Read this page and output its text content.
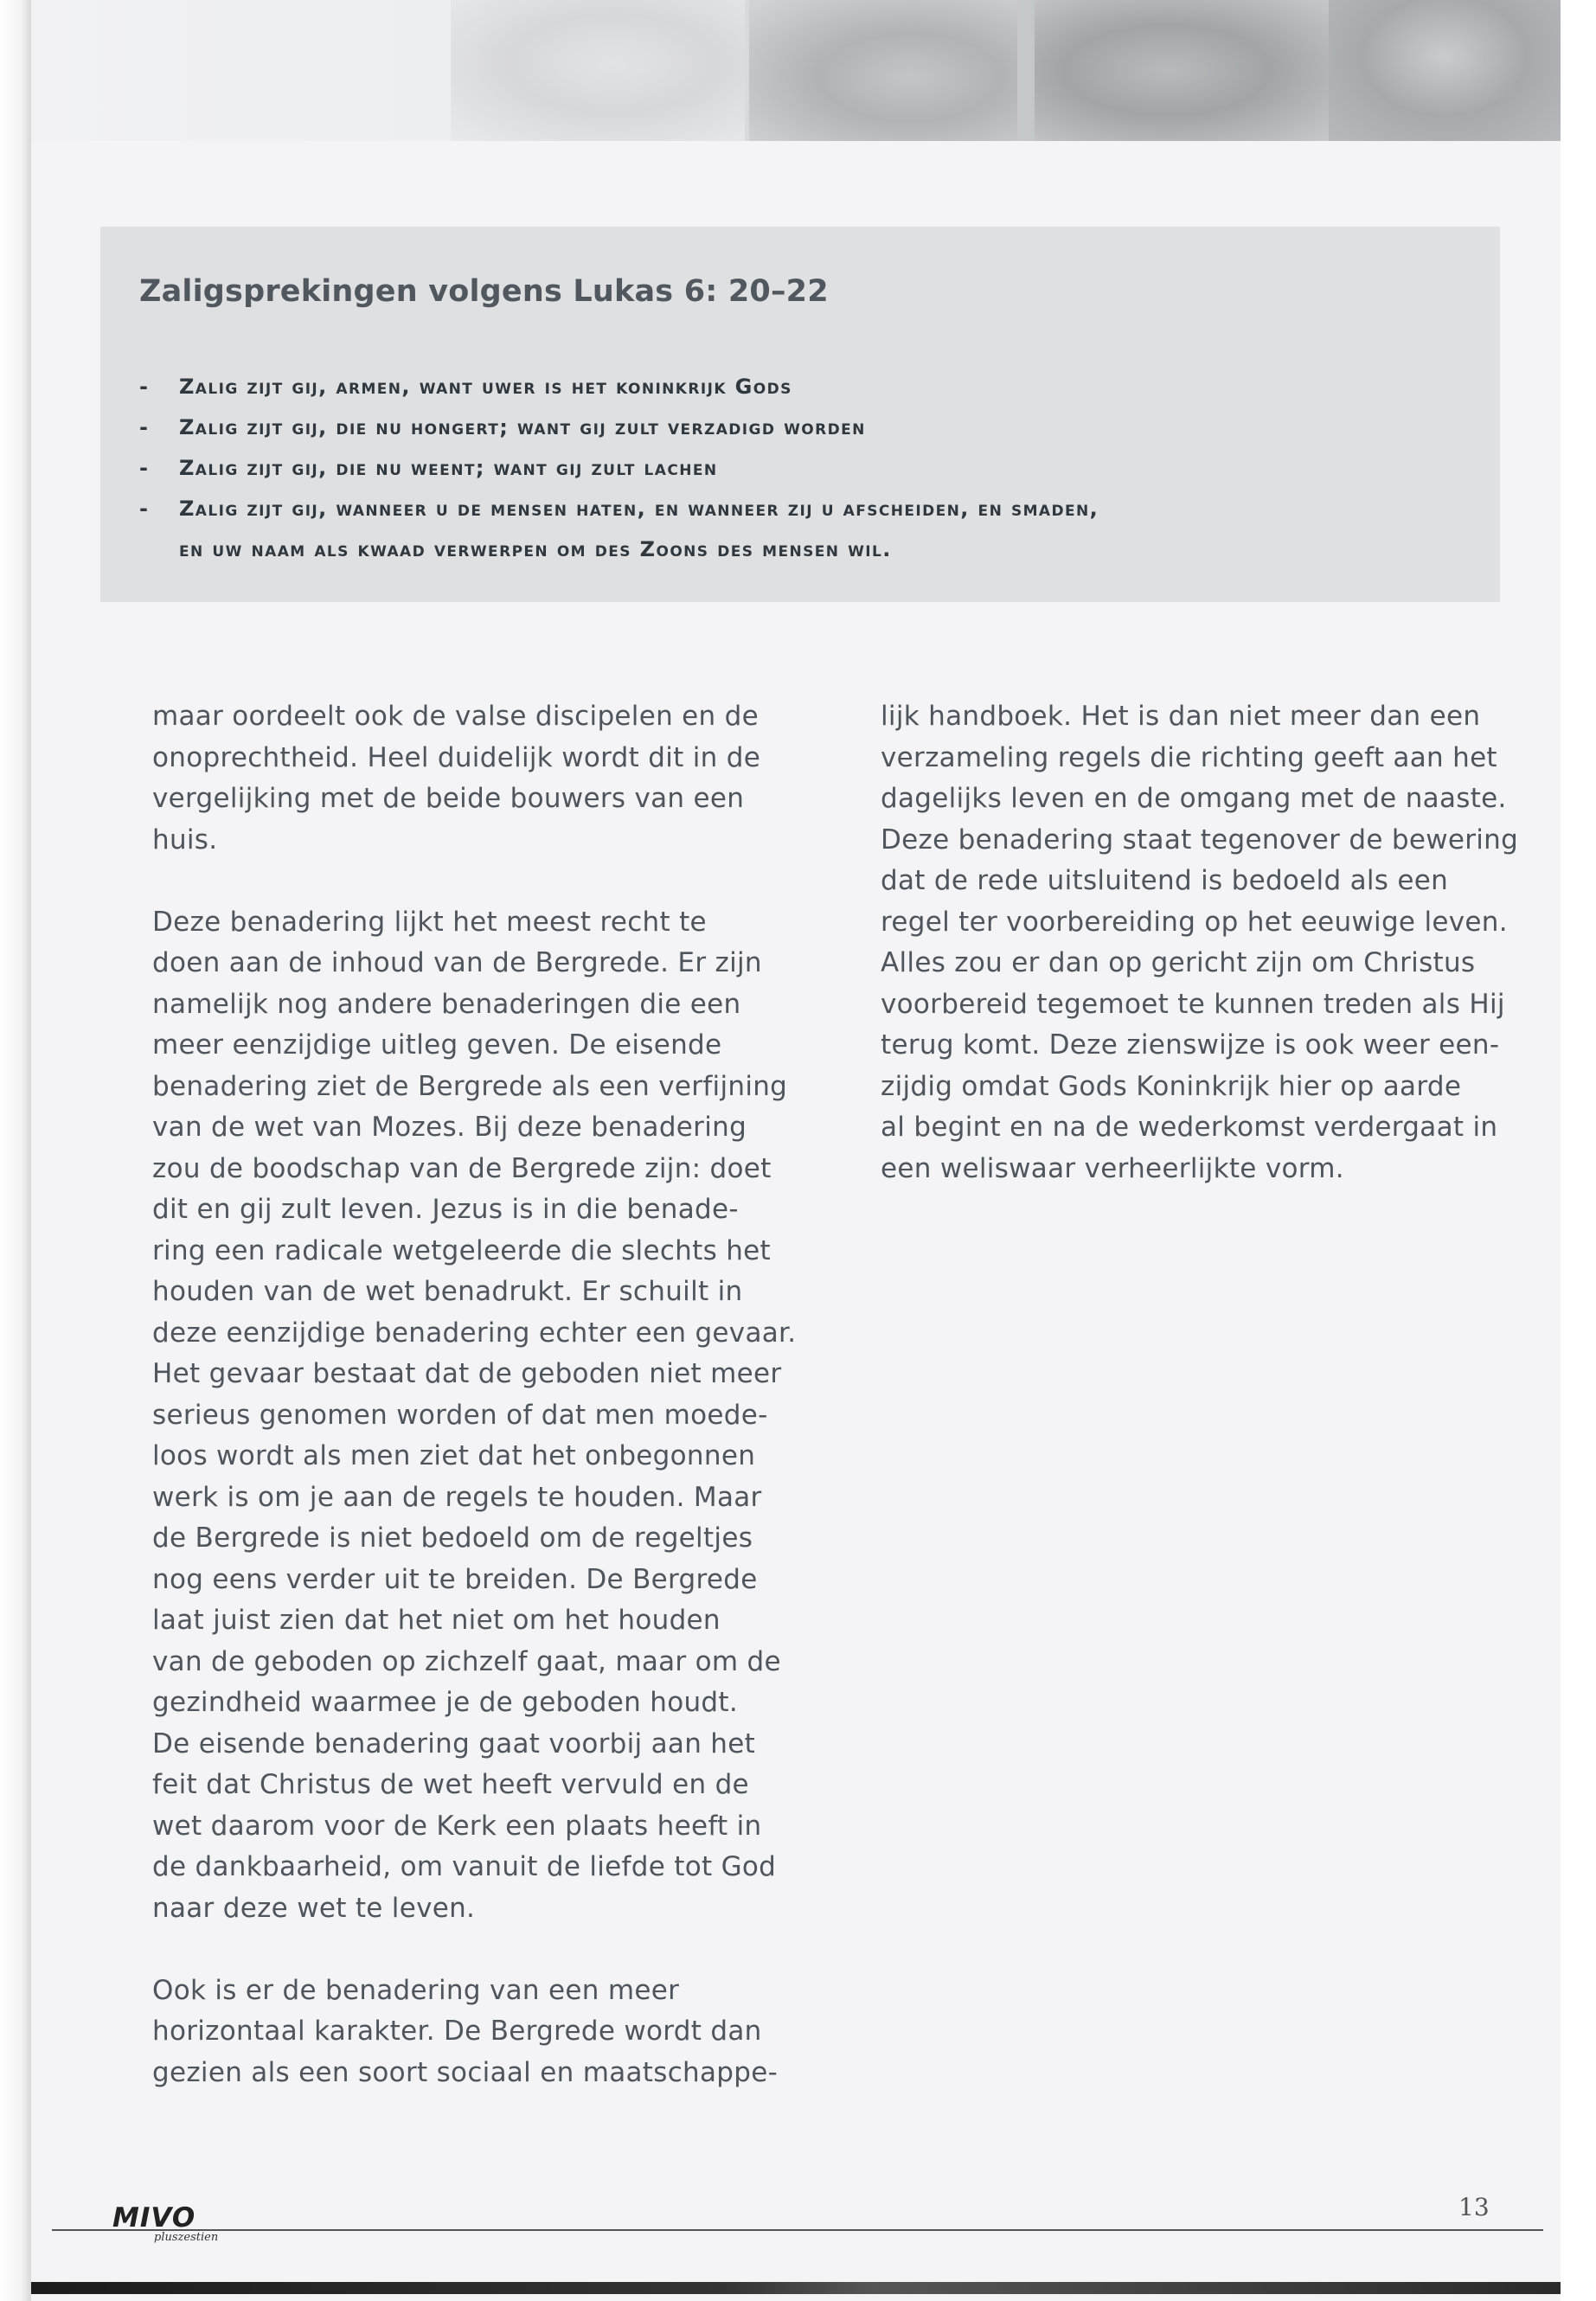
Zaligsprekingen volgens Lukas 6: 20–22
- Zalig zijt gij, armen, want uwer is het koninkrijk Gods
- Zalig zijt gij, die nu hongert; want gij zult verzadigd worden
- Zalig zijt gij, die nu weent; want gij zult lachen
- Zalig zijt gij, wanneer u de mensen haten, en wanneer zij u afscheiden, en smaden,
en uw naam als kwaad verwerpen om des Zoons des mensen wil.

maar oordeelt ook de valse discipelen en de

onoprechtheid. Heel duidelijk wordt dit in de

vergelijking met de beide bouwers van een

huis.

Deze benadering lijkt het meest recht te

doen aan de inhoud van de Bergrede. Er zijn

namelijk nog andere benaderingen die een

meer eenzijdige uitleg geven. De eisende

benadering ziet de Bergrede als een verfijning

van de wet van Mozes. Bij deze benadering

zou de boodschap van de Bergrede zijn: doet

dit en gij zult leven. Jezus is in die benade-

ring een radicale wetgeleerde die slechts het

houden van de wet benadrukt. Er schuilt in

deze eenzijdige benadering echter een gevaar.

Het gevaar bestaat dat de geboden niet meer

serieus genomen worden of dat men moede-

loos wordt als men ziet dat het onbegonnen

werk is om je aan de regels te houden. Maar

de Bergrede is niet bedoeld om de regeltjes

nog eens verder uit te breiden. De Bergrede

laat juist zien dat het niet om het houden

van de geboden op zichzelf gaat, maar om de

gezindheid waarmee je de geboden houdt.

De eisende benadering gaat voorbij aan het

feit dat Christus de wet heeft vervuld en de

wet daarom voor de Kerk een plaats heeft in

de dankbaarheid, om vanuit de liefde tot God

naar deze wet te leven.

Ook is er de benadering van een meer

horizontaal karakter. De Bergrede wordt dan

gezien als een soort sociaal en maatschappe-

lijk handboek. Het is dan niet meer dan een

verzameling regels die richting geeft aan het

dagelijks leven en de omgang met de naaste.

Deze benadering staat tegenover de bewering

dat de rede uitsluitend is bedoeld als een

regel ter voorbereiding op het eeuwige leven.

Alles zou er dan op gericht zijn om Christus

voorbereid tegemoet te kunnen treden als Hij

terug komt. Deze zienswijze is ook weer een-

zijdig omdat Gods Koninkrijk hier op aarde

al begint en na de wederkomst verdergaat in

een weliswaar verheerlijkte vorm.

MIVO
pluszestien
13
